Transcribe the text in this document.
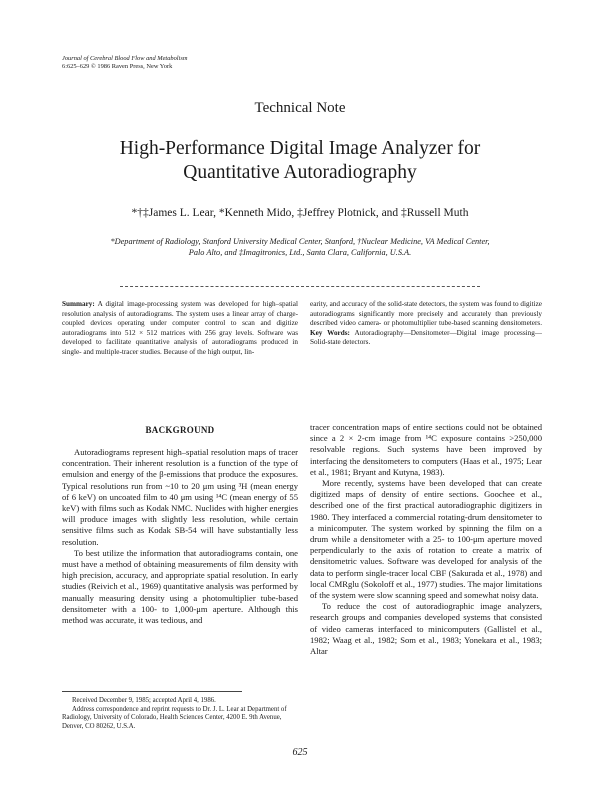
Journal of Cerebral Blood Flow and Metabolism
6:625–629 © 1986 Raven Press, New York
Technical Note
High-Performance Digital Image Analyzer for
Quantitative Autoradiography
*†‡James L. Lear, *Kenneth Mido, ‡Jeffrey Plotnick, and ‡Russell Muth
*Department of Radiology, Stanford University Medical Center, Stanford, †Nuclear Medicine, VA Medical Center,
Palo Alto, and ‡Imagitronics, Ltd., Santa Clara, California, U.S.A.
Summary: A digital image-processing system was developed for high–spatial resolution analysis of autoradiograms. The system uses a linear array of charge-coupled devices operating under computer control to scan and digitize autoradiograms into 512 × 512 matrices with 256 gray levels. Software was developed to facilitate quantitative analysis of autoradiograms produced in single- and multiple-tracer studies. Because of the high output, lin-
earity, and accuracy of the solid-state detectors, the system was found to digitize autoradiograms significantly more precisely and accurately than previously described video camera- or photomultiplier tube-based scanning densitometers. Key Words: Autoradiography—Densitometer—Digital image processing—Solid-state detectors.
BACKGROUND

Autoradiograms represent high–spatial resolution maps of tracer concentration. Their inherent resolution is a function of the type of emulsion and energy of the β-emissions that produce the exposures. Typical resolutions run from ~10 to 20 μm using ³H (mean energy of 6 keV) on uncoated film to 40 μm using ¹⁴C (mean energy of 55 keV) with films such as Kodak NMC. Nuclides with higher energies will produce images with slightly less resolution, while certain sensitive films such as Kodak SB-54 will have substantially less resolution.

To best utilize the information that autoradiograms contain, one must have a method of obtaining measurements of film density with high precision, accuracy, and appropriate spatial resolution. In early studies (Reivich et al., 1969) quantitative analysis was performed by manually measuring density using a photomultiplier tube-based densitometer with a 100- to 1,000-μm aperture. Although this method was accurate, it was tedious, and

tracer concentration maps of entire sections could not be obtained since a 2 × 2-cm image from ¹⁴C exposure contains >250,000 resolvable regions. Such systems have been improved by interfacing the densitometers to computers (Haas et al., 1975; Lear et al., 1981; Bryant and Kutyna, 1983).

More recently, systems have been developed that can create digitized maps of density of entire sections. Goochee et al., described one of the first practical autoradiographic digitizers in 1980. They interfaced a commercial rotating-drum densitometer to a minicomputer. The system worked by spinning the film on a drum while a densitometer with a 25- to 100-μm aperture moved perpendicularly to the axis of rotation to create a matrix of densitometric values. Software was developed for analysis of the data to perform single-tracer local CBF (Sakurada et al., 1978) and local CMRglu (Sokoloff et al., 1977) studies. The major limitations of the system were slow scanning speed and somewhat noisy data.

To reduce the cost of autoradiographic image analyzers, research groups and companies developed systems that consisted of video cameras interfaced to minicomputers (Gallistel et al., 1982; Waag et al., 1982; Som et al., 1983; Yonekara et al., 1983; Altar

Received December 9, 1985; accepted April 4, 1986.
Address correspondence and reprint requests to Dr. J. L. Lear at Department of Radiology, University of Colorado, Health Sciences Center, 4200 E. 9th Avenue, Denver, CO 80262, U.S.A.
625
